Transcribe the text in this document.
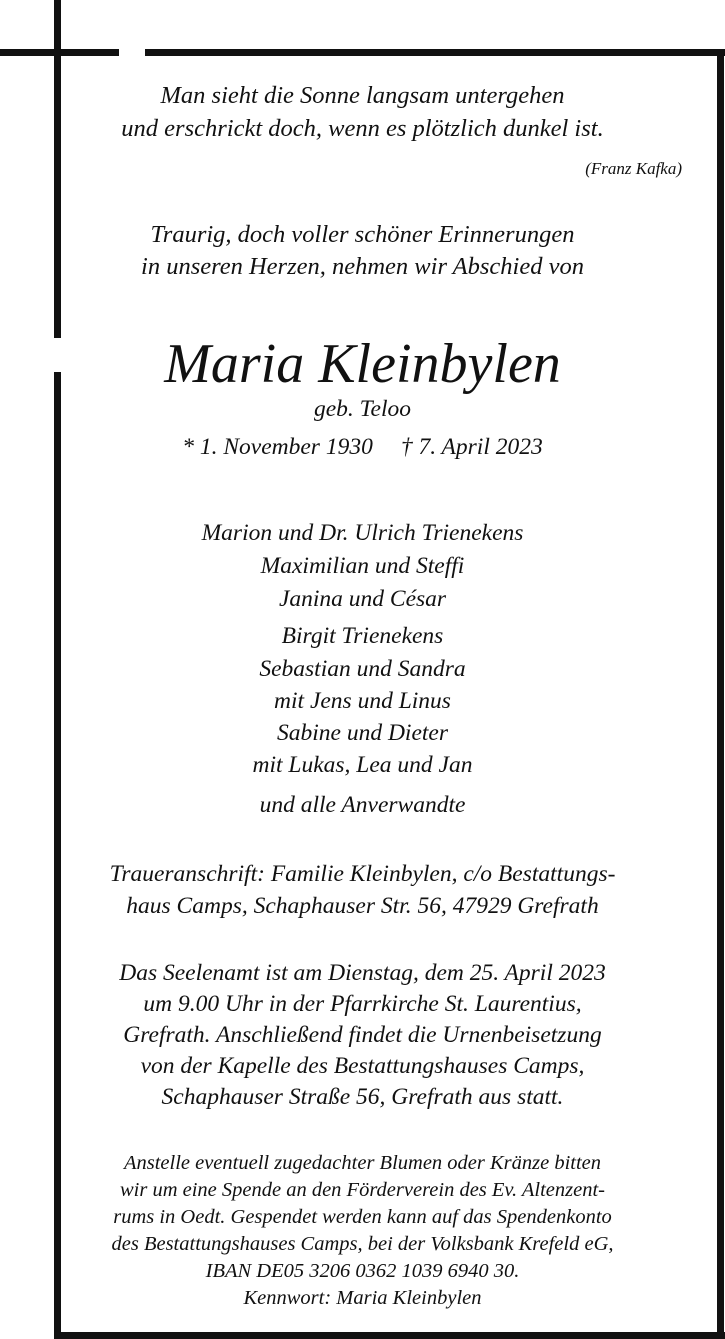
Man sieht die Sonne langsam untergehen
und erschrickt doch, wenn es plötzlich dunkel ist.
(Franz Kafka)
Traurig, doch voller schöner Erinnerungen
in unseren Herzen, nehmen wir Abschied von
Maria Kleinbylen
geb. Teloo
* 1. November 1930 † 7. April 2023
Marion und Dr. Ulrich Trienekens
Maximilian und Steffi
Janina und César
Birgit Trienekens
Sebastian und Sandra
mit Jens und Linus
Sabine und Dieter
mit Lukas, Lea und Jan
und alle Anverwandte
Traueranschrift: Familie Kleinbylen, c/o Bestattungs-
haus Camps, Schaphauser Str. 56, 47929 Grefrath
Das Seelenamt ist am Dienstag, dem 25. April 2023
um 9.00 Uhr in der Pfarrkirche St. Laurentius,
Grefrath. Anschließend findet die Urnenbeisetzung
von der Kapelle des Bestattungshauses Camps,
Schaphauser Straße 56, Grefrath aus statt.
Anstelle eventuell zugedachter Blumen oder Kränze bitten
wir um eine Spende an den Förderverein des Ev. Altenzent-
rums in Oedt. Gespendet werden kann auf das Spendenkonto
des Bestattungshauses Camps, bei der Volksbank Krefeld eG,
IBAN DE05 3206 0362 1039 6940 30.
Kennwort: Maria Kleinbylen
